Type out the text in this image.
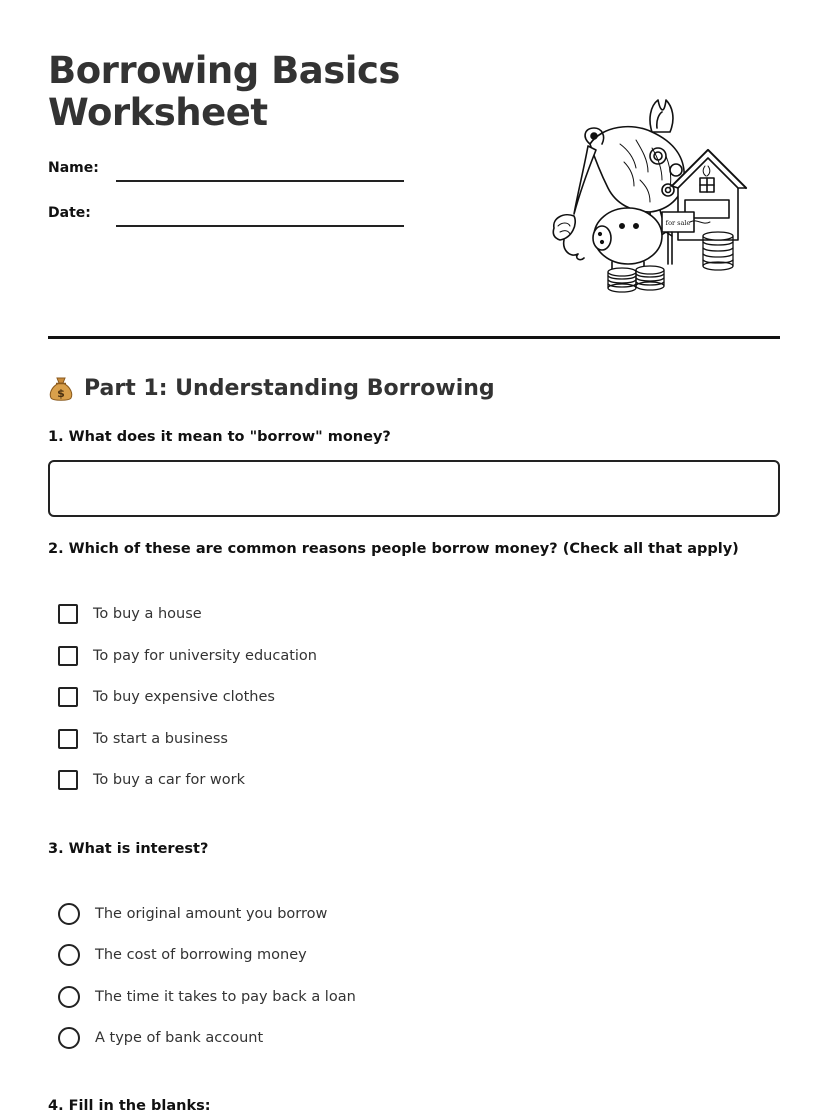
Borrowing Basics
Worksheet
Name:
Date:
for sale
$ Part 1: Understanding Borrowing
1. What does it mean to "borrow" money?
2. Which of these are common reasons people borrow money? (Check all that apply)
To buy a house
To pay for university education
To buy expensive clothes
To start a business
To buy a car for work
3. What is interest?
The original amount you borrow
The cost of borrowing money
The time it takes to pay back a loan
A type of bank account
4. Fill in the blanks:
